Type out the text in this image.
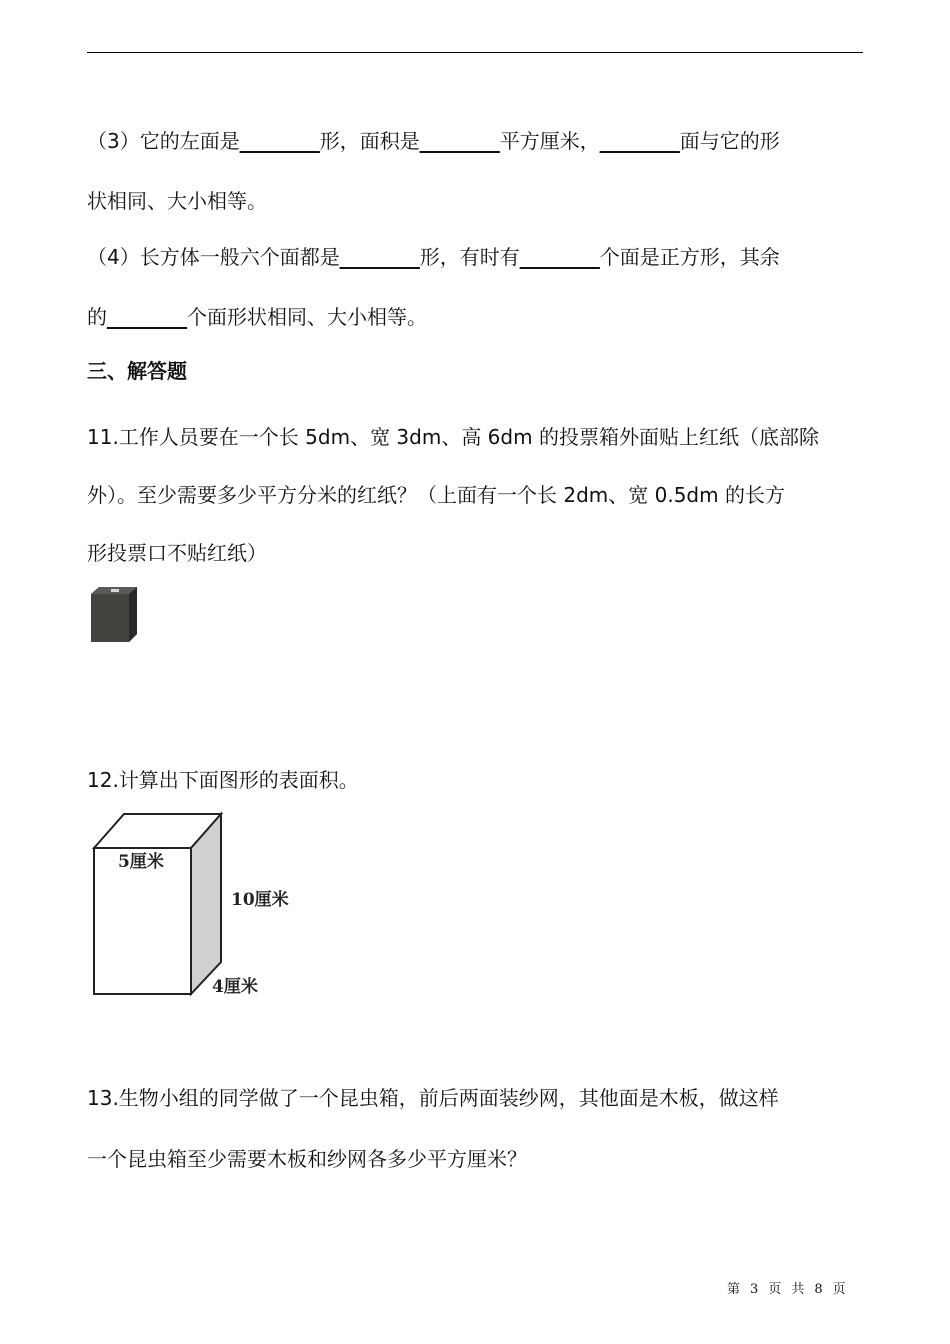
（3）它的左面是________形，面积是________平方厘米，________面与它的形
状相同、大小相等。
（4）长方体一般六个面都是________形，有时有________个面是正方形，其余
的________个面形状相同、大小相等。
三、解答题
11.工作人员要在一个长 5dm、宽 3dm、高 6dm 的投票箱外面贴上红纸（底部除
外）。至少需要多少平方分米的红纸？（上面有一个长 2dm、宽 0.5dm 的长方
形投票口不贴红纸）
12.计算出下面图形的表面积。
5厘米
10厘米
4厘米
13.生物小组的同学做了一个昆虫箱，前后两面装纱网，其他面是木板，做这样
一个昆虫箱至少需要木板和纱网各多少平方厘米？
第 3 页 共 8 页
